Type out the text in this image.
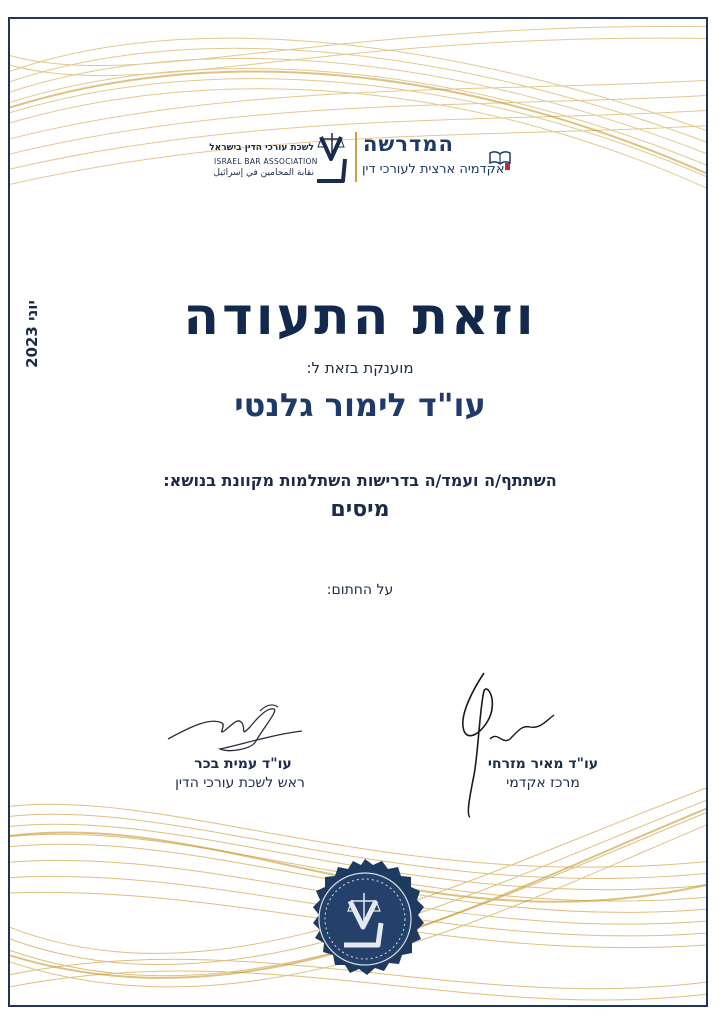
לשכת עורכי הדין בישראל
ISRAEL BAR ASSOCIATION
نقابة المحامين في إسرائيل
המדרשה
אקדמיה ארצית לעורכי דין
וזאת התעודה
מוענקת בזאת ל:
עו"ד לימור גלנטי
השתתף/ה ועמד/ה בדרישות השתלמות מקוונת בנושא:
מיסים
על החתום:
יוני 2023
עו"ד עמית בכר
ראש לשכת עורכי הדין
עו"ד מאיר מזרחי
מרכז אקדמי
